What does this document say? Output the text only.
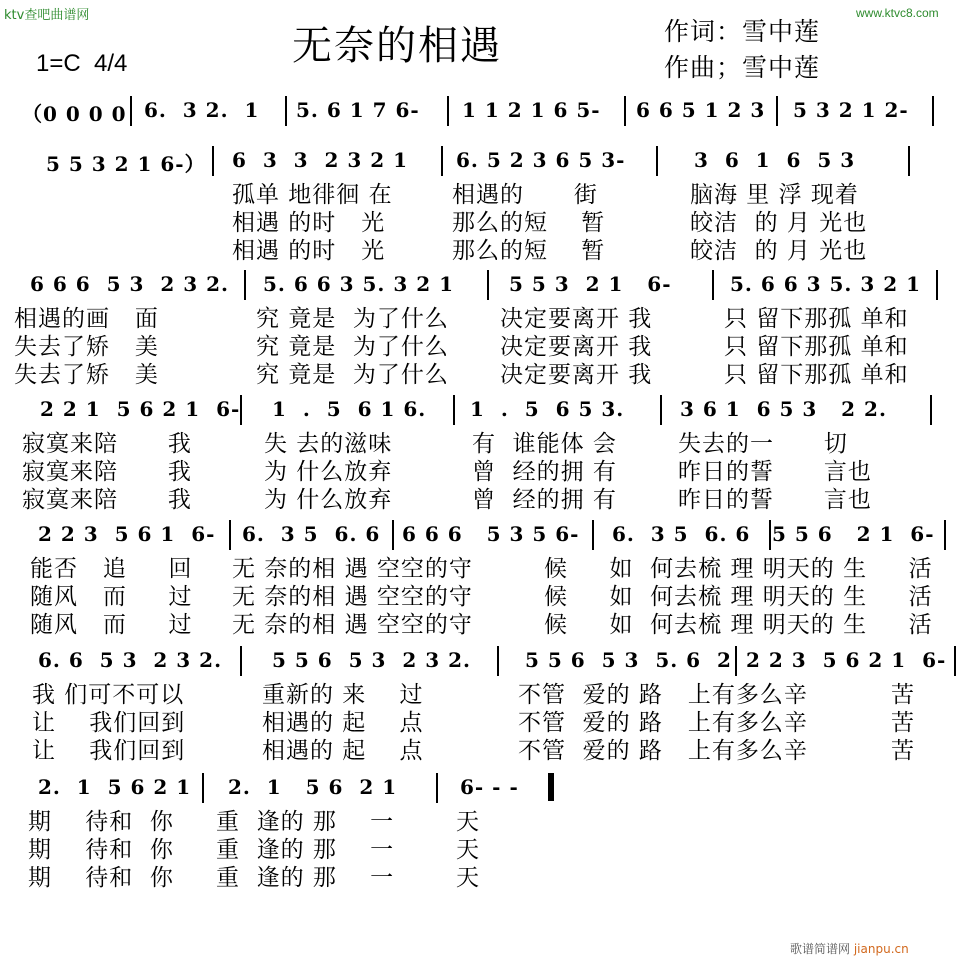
ktv查吧曲谱网	www.ktvc8.com
无奈的相遇	作词：雪中莲
作曲；雪中莲
1=C  4/4
（0 0 0 0 6.  3 2.  1 5. 6 1 7 6- 1 1 2 1 6 5- 6 6 5 1 2 3 5 3 2 1 2-
5 5 3 2 1 6-） 6  3  3  2 3 2 1 6. 5 2 3 6 5 3-	3  6  1  6  5 3
孤单 地徘徊 在
相遇 的时   光
相遇 的时   光
相遇的      街
那么的短    暂
那么的短    暂
脑海 里 浮 现着
皎洁  的 月 光也
皎洁  的 月 光也
6 6 6  5 3  2 3 2. 5. 6 6 3 5. 3 2 1	5 5 3  2 1   6-	5. 6 6 3 5. 3 2 1
相遇的画   面
失去了矫   美
失去了矫   美
究 竟是  为了什么
究 竟是  为了什么
究 竟是  为了什么
决定要离开 我
决定要离开 我
决定要离开 我
只 留下那孤 单和
只 留下那孤 单和
只 留下那孤 单和
2 2 1  5 6 2 1  6- 1  .  5  6 1 6. 1  .  5  6 5 3.	3 6 1  6 5 3   2 2.
寂寞来陪      我
寂寞来陪      我
寂寞来陪      我
失 去的滋味
为 什么放弃
为 什么放弃
有  谁能体 会
曾  经的拥 有
曾  经的拥 有
失去的一      切
昨日的誓      言也
昨日的誓      言也
2 2 3  5 6 1  6- 6.  3 5  6. 6 6 6 6   5 3 5 6- 6.  3 5  6. 6 5 5 6   2 1  6-
能否   追     回
随风   而     过
随风   而     过
无 奈的相 遇 空空的守
无 奈的相 遇 空空的守
无 奈的相 遇 空空的守
候     如  何去梳 理 明天的 生     活
候     如  何去梳 理 明天的 生     活
候     如  何去梳 理 明天的 生     活
6. 6  5 3  2 3 2. 5 5 6  5 3  2 3 2.	5 5 6  5 3  5. 6  2 2 2 3  5 6 2 1  6-
我 们可不可以
让    我们回到
让    我们回到
重新的 来    过
相遇的 起    点
相遇的 起    点
不管  爱的 路   上有多么辛          苦
不管  爱的 路   上有多么辛          苦
不管  爱的 路   上有多么辛          苦
2.  1  5 6 2 1 2.  1   5 6  2 1	6- - -
期    待和  你
期    待和  你
期    待和  你
重  逢的 那    一
重  逢的 那    一
重  逢的 那    一
天
天
天
歌谱简谱网 jianpu.cn
